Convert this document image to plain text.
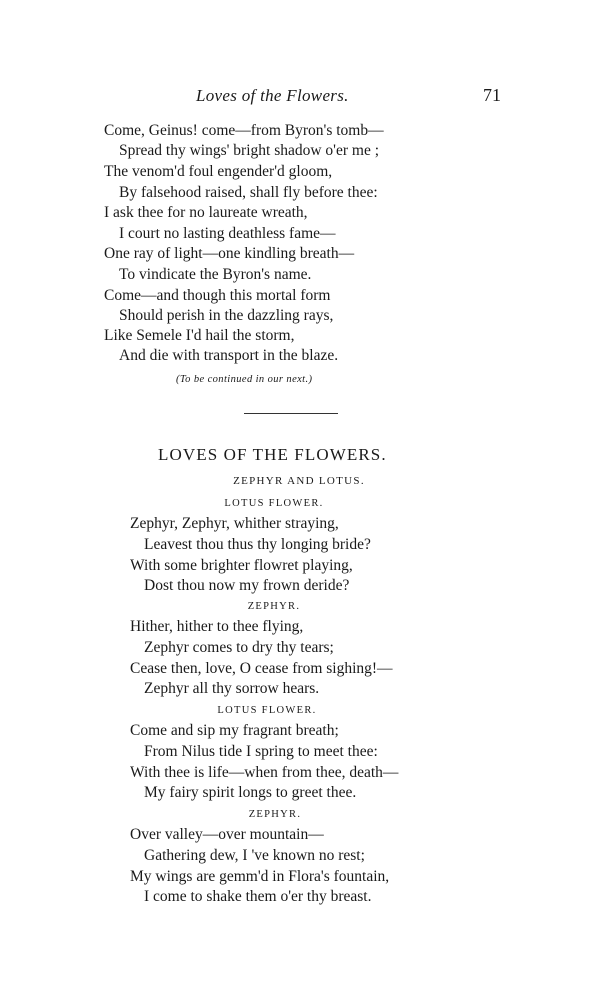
Loves of the Flowers.	71
Come, Geinus! come—from Byron's tomb—
Spread thy wings' bright shadow o'er me ;
The venom'd foul engender'd gloom,
By falsehood raised, shall fly before thee:
I ask thee for no laureate wreath,
I court no lasting deathless fame—
One ray of light—one kindling breath—
To vindicate the Byron's name.
Come—and though this mortal form
Should perish in the dazzling rays,
Like Semele I'd hail the storm,
And die with transport in the blaze.
(To be continued in our next.)
LOVES OF THE FLOWERS.
ZEPHYR AND LOTUS.
LOTUS FLOWER.
Zephyr, Zephyr, whither straying,
Leavest thou thus thy longing bride?
With some brighter flowret playing,
Dost thou now my frown deride?
ZEPHYR.
Hither, hither to thee flying,
Zephyr comes to dry thy tears;
Cease then, love, O cease from sighing!—
Zephyr all thy sorrow hears.
LOTUS FLOWER.
Come and sip my fragrant breath;
From Nilus tide I spring to meet thee:
With thee is life—when from thee, death—
My fairy spirit longs to greet thee.
ZEPHYR.
Over valley—over mountain—
Gathering dew, I 've known no rest;
My wings are gemm'd in Flora's fountain,
I come to shake them o'er thy breast.
